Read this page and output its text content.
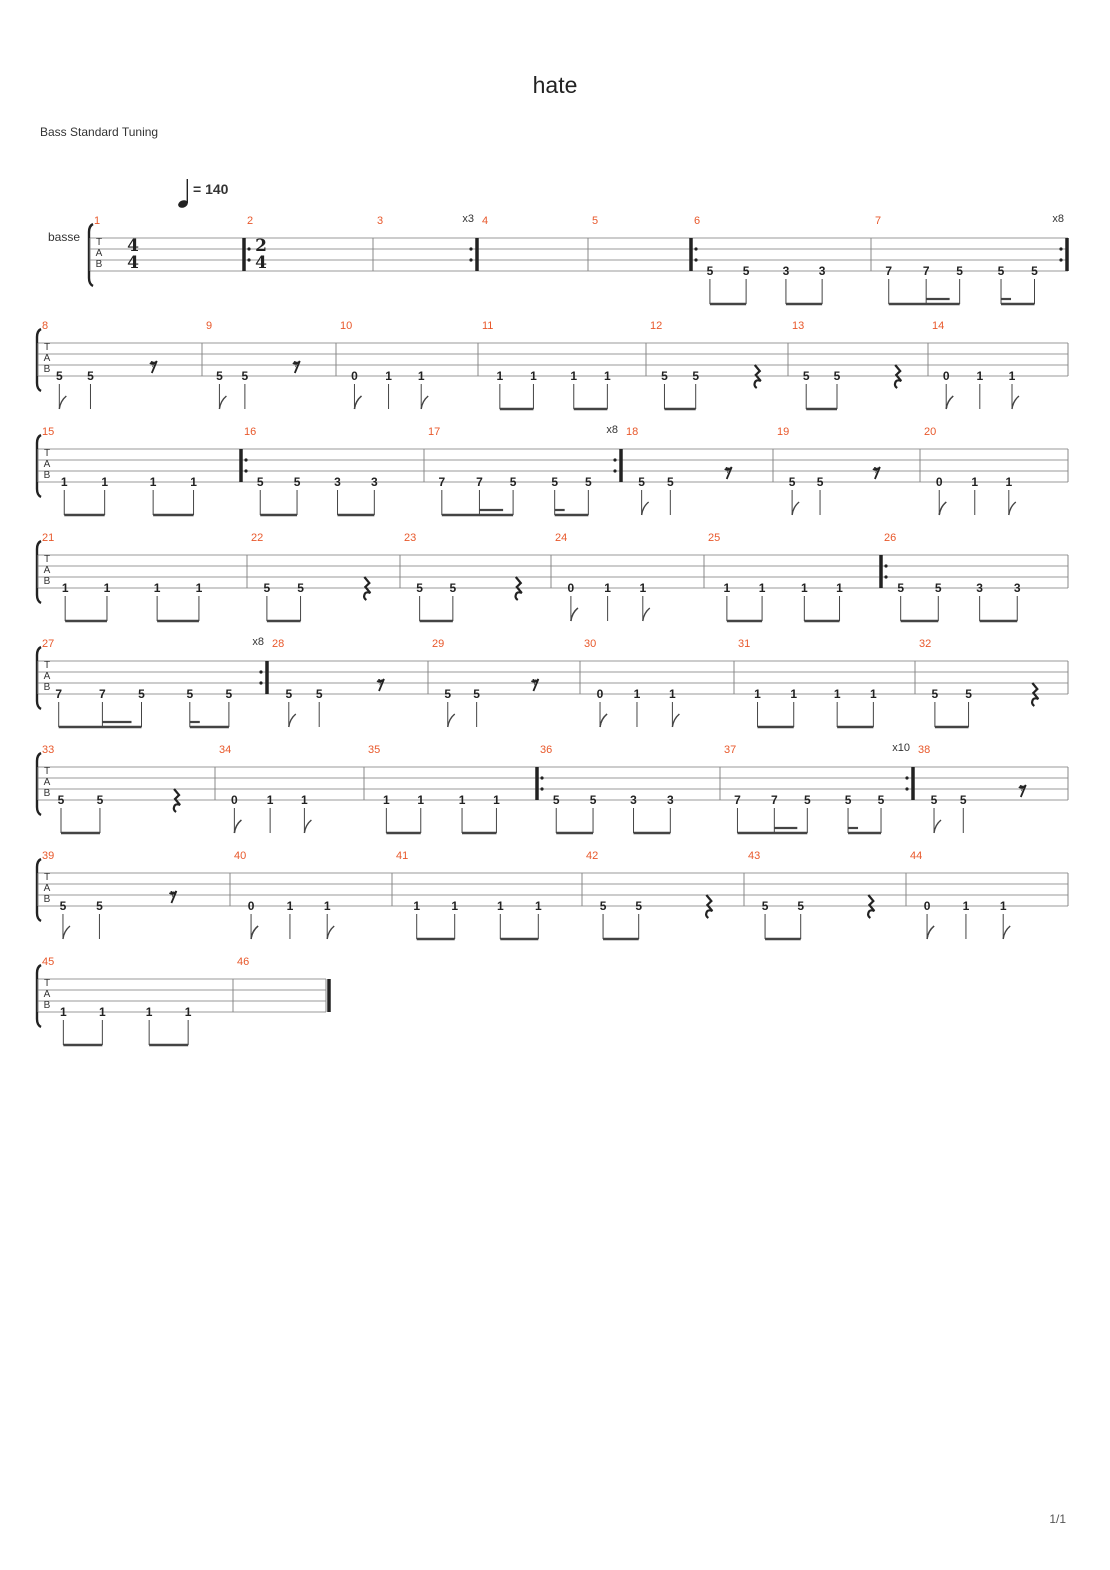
hate
Bass Standard Tuning
= 140
basse
1/1
T
A
B
1	2	3	4	5	6
5 5	3 3
7
7	7 5	5 5
4
4
2
4
x3	x8
T
A
B
8
5 5
𝄾
9
5 5
𝄾
10
0 1 1
11
1 1	1 1
12
5 5
13
5 5
14
0 1 1
T
A
B
15
1	1	1	1
16
5	5	3	3
17
7	7 5	5 5
18
5 5
𝄾
19
5 5
𝄾
20
0 1 1
x8
T
A
B
21
1	1	1	1
22
5 5
23
5 5
24
0	1 1
25
1 1	1 1
26
5	5	3	3
T
A
B
27
7	7	5	5	5
28
5 5
𝄾
29
5 5
𝄾
30
0	1 1
31
1 1	1 1
32
5 5
x8
T
A
B
33
5	5
34
0 1 1
35
1 1	1 1
36
5	5	3	3
37
7	7 5	5 5
38
5 5
𝄾
x10
T
A
B
39
5 5
𝄾
40
0	1	1
41
1	1	1	1
42
5 5
43
5 5
44
0	1	1
T
A
B
45
1	1	1	1
46
